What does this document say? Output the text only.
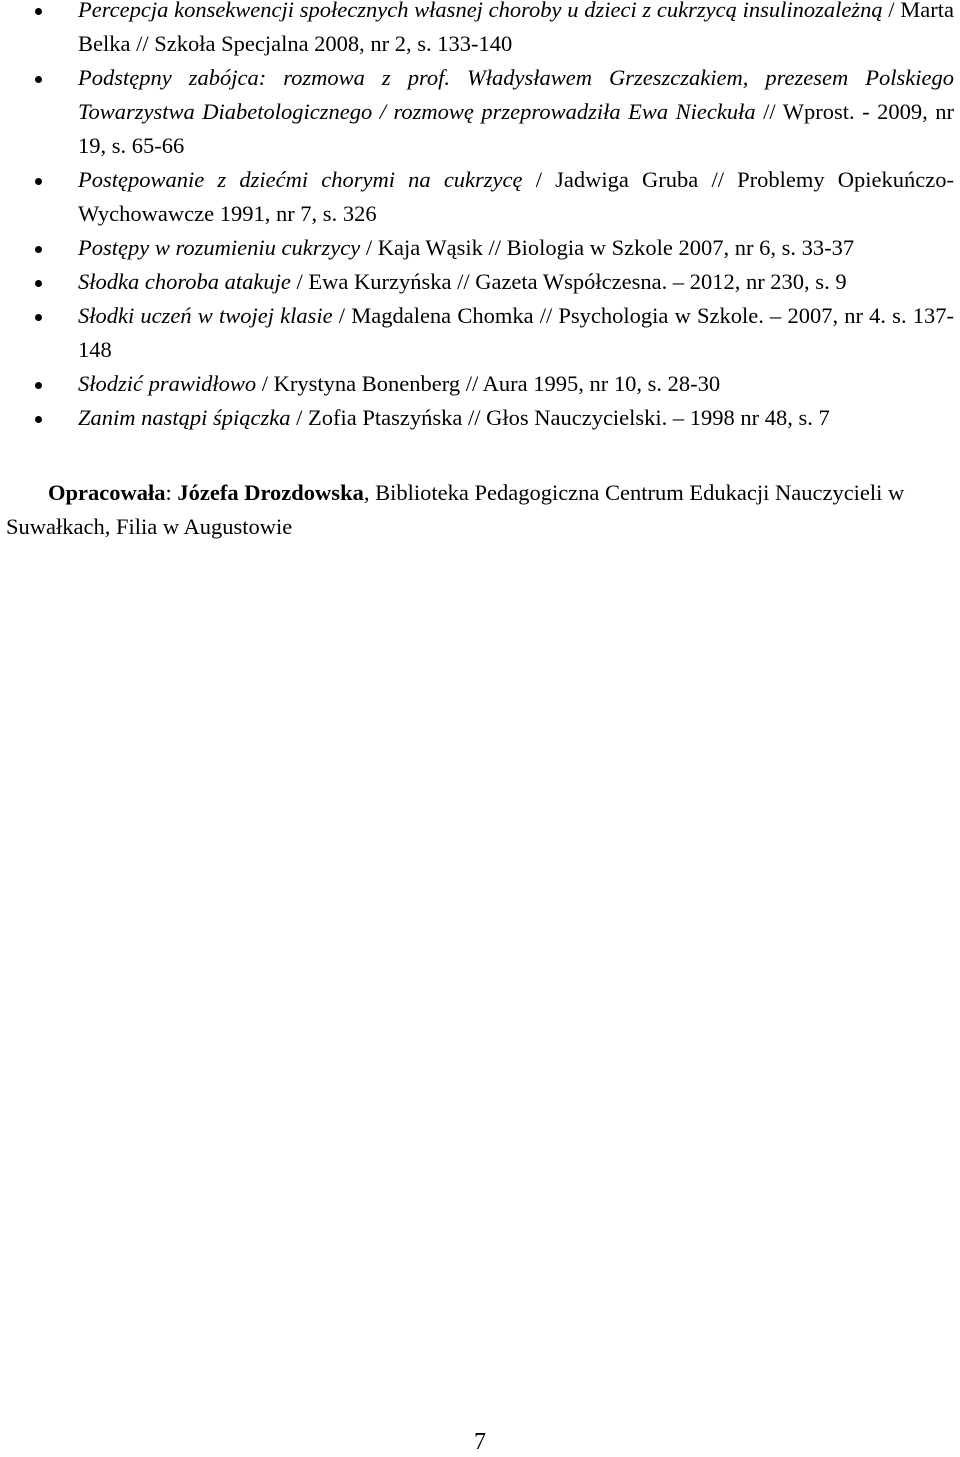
Percepcja konsekwencji społecznych własnej choroby u dzieci z cukrzycą insulinozależną / Marta Belka // Szkoła Specjalna 2008, nr 2, s. 133-140
Podstępny zabójca: rozmowa z prof. Władysławem Grzeszczakiem, prezesem Polskiego Towarzystwa Diabetologicznego / rozmowę przeprowadziła Ewa Nieckuła // Wprost. - 2009, nr 19, s. 65-66
Postępowanie z dziećmi chorymi na cukrzycę / Jadwiga Gruba // Problemy Opiekuńczo-Wychowawcze 1991, nr 7, s. 326
Postępy w rozumieniu cukrzycy / Kaja Wąsik // Biologia w Szkole 2007, nr 6, s. 33-37
Słodka choroba atakuje / Ewa Kurzyńska // Gazeta Współczesna. – 2012, nr 230, s. 9
Słodki uczeń w twojej klasie / Magdalena Chomka // Psychologia w Szkole. – 2007, nr 4. s. 137-148
Słodzić prawidłowo / Krystyna Bonenberg // Aura 1995, nr 10, s. 28-30
Zanim nastąpi śpiączka / Zofia Ptaszyńska // Głos Nauczycielski. – 1998 nr 48, s. 7

Opracowała: Józefa Drozdowska, Biblioteka Pedagogiczna Centrum Edukacji Nauczycieli w Suwałkach, Filia w Augustowie

7
